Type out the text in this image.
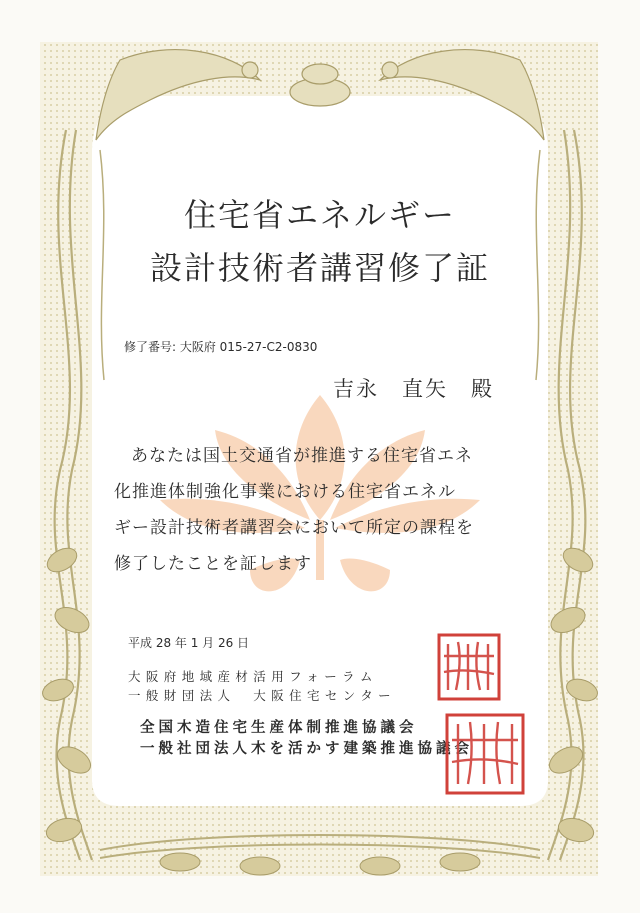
住宅省エネルギー
設計技術者講習修了証
修了番号: 大阪府 015-27-C2-0830
吉永　直矢　殿

あなたは国土交通省が推進する住宅省エネ

化推進体制強化事業における住宅省エネル

ギー設計技術者講習会において所定の課程を

修了したことを証します

平成 28 年 1 月 26 日
大阪府地域産材活用フォーラム
一般財団法人　大阪住宅センター
全国木造住宅生産体制推進協議会
一般社団法人木を活かす建築推進協議会
